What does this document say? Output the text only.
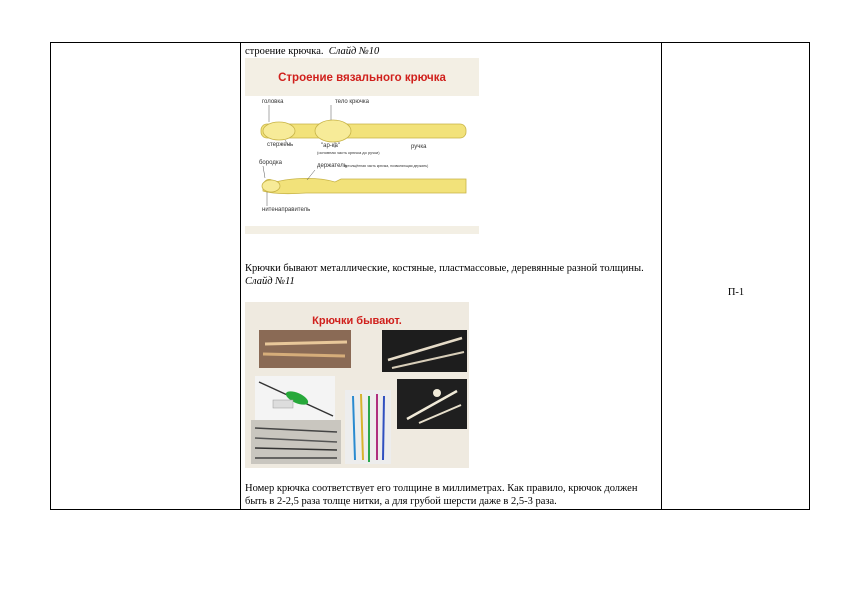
строение крючка. Слайд №10
Строение вязального крючка
головка	тело крючка
стержень	"ар-ка"
(основная часть крючка до ручки)
ручка
бородка	держатель
(утолщённая часть крючка, позволяющая держать)
нитенаправитель
Крючки бывают металлические, костяные, пластмассовые, деревянные разной толщины.
Слайд №11
Крючки бывают.
Номер крючка соответствует его толщине в миллиметрах. Как правило, крючок должен быть в 2-2,5 раза толще нитки, а для грубой шерсти даже в 2,5-3 раза.
П-1
